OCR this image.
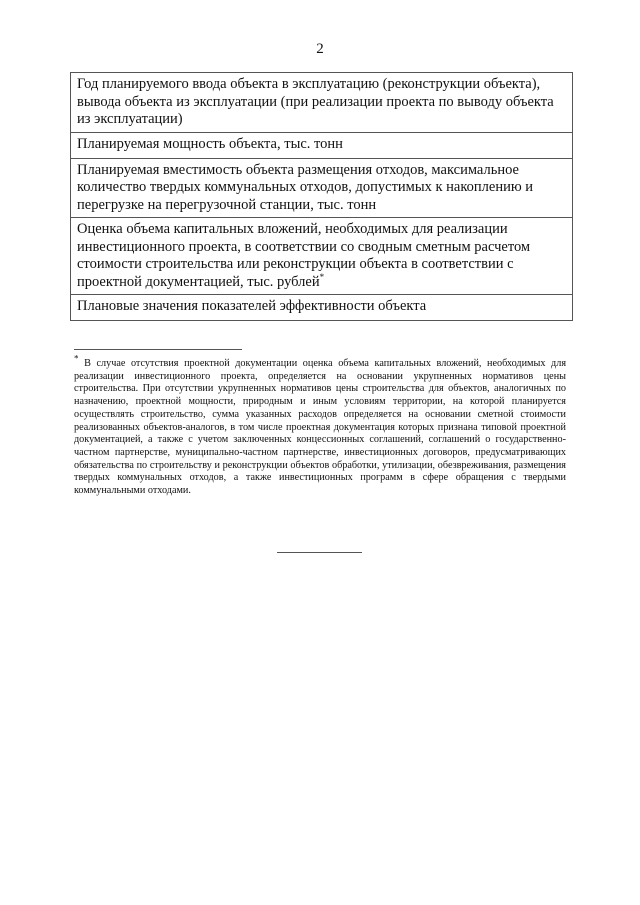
2
Год планируемого ввода объекта в эксплуатацию (реконструкции объекта), вывода объекта из эксплуатации (при реализации проекта по выводу объекта из эксплуатации)
Планируемая мощность объекта, тыс. тонн
Планируемая вместимость объекта размещения отходов, максимальное количество твердых коммунальных отходов, допустимых к накоплению и перегрузке на перегрузочной станции, тыс. тонн
Оценка объема капитальных вложений, необходимых для реализации инвестиционного проекта, в соответствии со сводным сметным расчетом стоимости строительства или реконструкции объекта в соответствии с проектной документацией, тыс. рублей*
Плановые значения показателей эффективности объекта

* В случае отсутствия проектной документации оценка объема капитальных вложений, необходимых для реализации инвестиционного проекта, определяется на основании укрупненных нормативов цены строительства. При отсутствии укрупненных нормативов цены строительства для объектов, аналогичных по назначению, проектной мощности, природным и иным условиям территории, на которой планируется осуществлять строительство, сумма указанных расходов определяется на основании сметной стоимости реализованных объектов-аналогов, в том числе проектная документация которых признана типовой проектной документацией, а также с учетом заключенных концессионных соглашений, соглашений о государственно-частном партнерстве, муниципально-частном партнерстве, инвестиционных договоров, предусматривающих обязательства по строительству и реконструкции объектов обработки, утилизации, обезвреживания, размещения твердых коммунальных отходов, а также инвестиционных программ в сфере обращения с твердыми коммунальными отходами.
